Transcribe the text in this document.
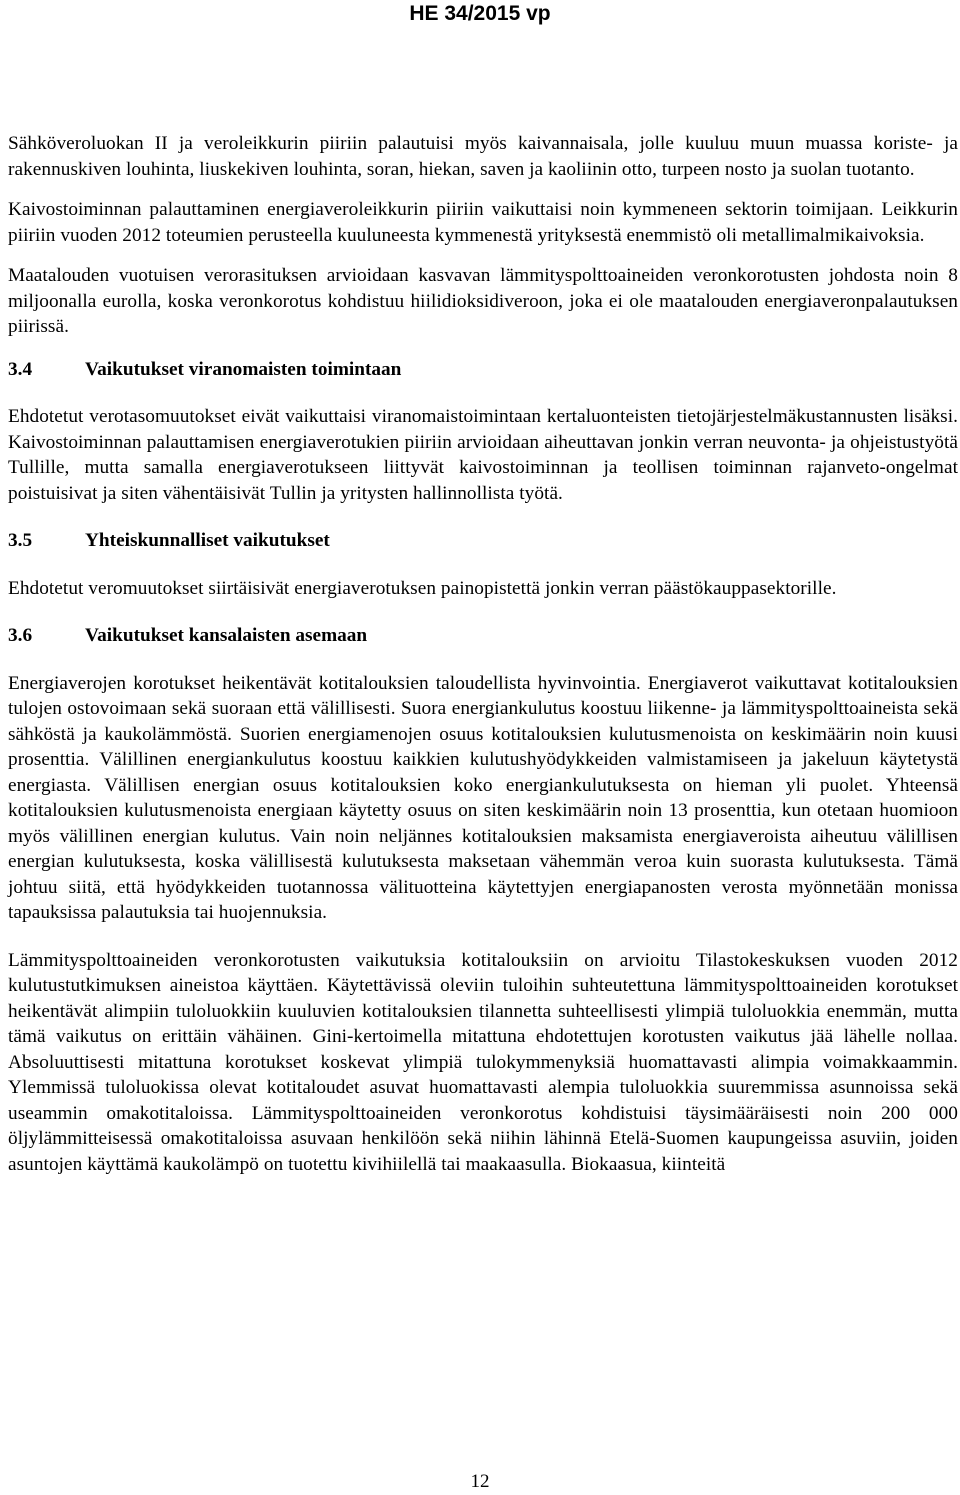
HE 34/2015 vp

Sähköveroluokan II ja veroleikkurin piiriin palautuisi myös kaivannaisala, jolle kuuluu muun muassa koriste- ja rakennuskiven louhinta, liuskekiven louhinta, soran, hiekan, saven ja kaoliinin otto, turpeen nosto ja suolan tuotanto.

Kaivostoiminnan palauttaminen energiaveroleikkurin piiriin vaikuttaisi noin kymmeneen sektorin toimijaan. Leikkurin piiriin vuoden 2012 toteumien perusteella kuuluneesta kymmenestä yrityksestä enemmistö oli metallimalmikaivoksia.

Maatalouden vuotuisen verorasituksen arvioidaan kasvavan lämmityspolttoaineiden veronkorotusten johdosta noin 8 miljoonalla eurolla, koska veronkorotus kohdistuu hiilidioksidiveroon, joka ei ole maatalouden energiaveronpalautuksen piirissä.

3.4	Vaikutukset viranomaisten toimintaan

Ehdotetut verotasomuutokset eivät vaikuttaisi viranomaistoimintaan kertaluonteisten tietojärjestelmäkustannusten lisäksi. Kaivostoiminnan palauttamisen energiaverotukien piiriin arvioidaan aiheuttavan jonkin verran neuvonta- ja ohjeistustyötä Tullille, mutta samalla energiaverotukseen liittyvät kaivostoiminnan ja teollisen toiminnan rajanveto-ongelmat poistuisivat ja siten vähentäisivät Tullin ja yritysten hallinnollista työtä.

3.5	Yhteiskunnalliset vaikutukset

Ehdotetut veromuutokset siirtäisivät energiaverotuksen painopistettä jonkin verran päästökauppasektorille.

3.6	Vaikutukset kansalaisten asemaan

Energiaverojen korotukset heikentävät kotitalouksien taloudellista hyvinvointia. Energiaverot vaikuttavat kotitalouksien tulojen ostovoimaan sekä suoraan että välillisesti. Suora energiankulutus koostuu liikenne- ja lämmityspolttoaineista sekä sähköstä ja kaukolämmöstä. Suorien energiamenojen osuus kotitalouksien kulutusmenoista on keskimäärin noin kuusi prosenttia. Välillinen energiankulutus koostuu kaikkien kulutushyödykkeiden valmistamiseen ja jakeluun käytetystä energiasta. Välillisen energian osuus kotitalouksien koko energiankulutuksesta on hieman yli puolet. Yhteensä kotitalouksien kulutusmenoista energiaan käytetty osuus on siten keskimäärin noin 13 prosenttia, kun otetaan huomioon myös välillinen energian kulutus. Vain noin neljännes kotitalouksien maksamista energiaveroista aiheutuu välillisen energian kulutuksesta, koska välillisestä kulutuksesta maksetaan vähemmän veroa kuin suorasta kulutuksesta. Tämä johtuu siitä, että hyödykkeiden tuotannossa välituotteina käytettyjen energiapanosten verosta myönnetään monissa tapauksissa palautuksia tai huojennuksia.

Lämmityspolttoaineiden veronkorotusten vaikutuksia kotitalouksiin on arvioitu Tilastokeskuksen vuoden 2012 kulutustutkimuksen aineistoa käyttäen. Käytettävissä oleviin tuloihin suhteutettuna lämmityspolttoaineiden korotukset heikentävät alimpiin tuloluokkiin kuuluvien kotitalouksien tilannetta suhteellisesti ylimpiä tuloluokkia enemmän, mutta tämä vaikutus on erittäin vähäinen. Gini-kertoimella mitattuna ehdotettujen korotusten vaikutus jää lähelle nollaa. Absoluuttisesti mitattuna korotukset koskevat ylimpiä tulokymmenyksiä huomattavasti alimpia voimakkaammin. Ylemmissä tuloluokissa olevat kotitaloudet asuvat huomattavasti alempia tuloluokkia suuremmissa asunnoissa sekä useammin omakotitaloissa. Lämmityspolttoaineiden veronkorotus kohdistuisi täysimääräisesti noin 200 000 öljylämmitteisessä omakotitaloissa asuvaan henkilöön sekä niihin lähinnä Etelä-Suomen kaupungeissa asuviin, joiden asuntojen käyttämä kaukolämpö on tuotettu kivihiilellä tai maakaasulla. Biokaasua, kiinteitä

12
